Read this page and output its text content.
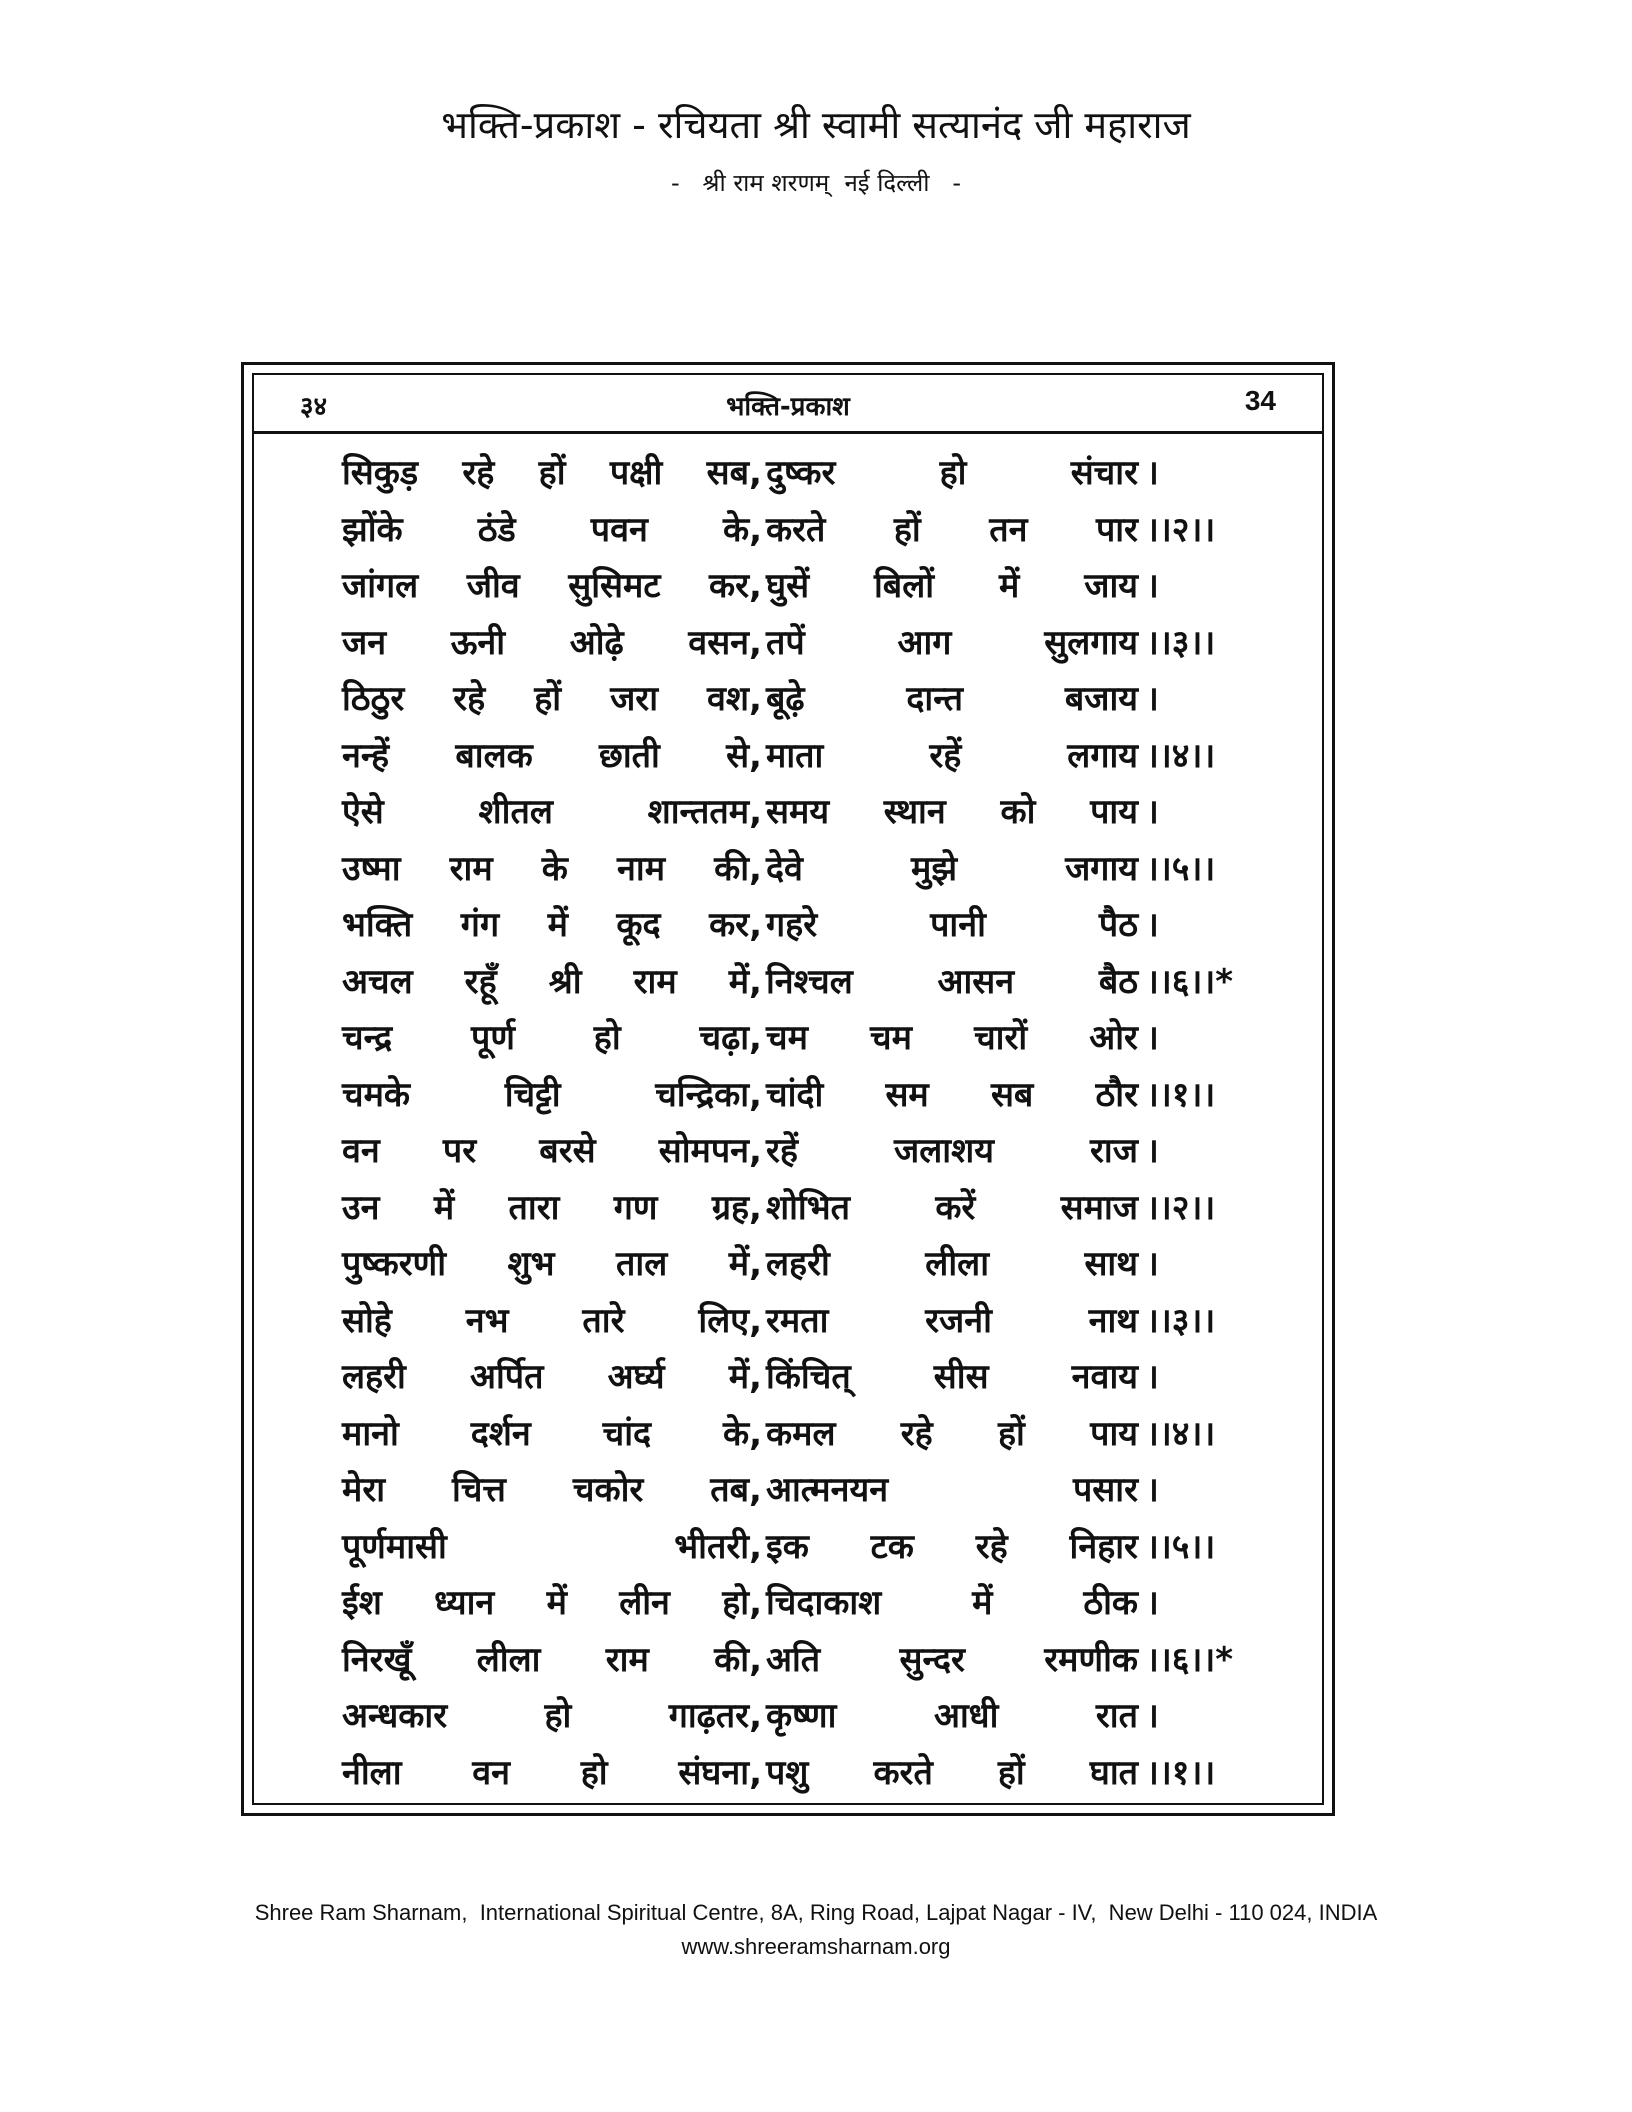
भक्ति-प्रकाश - रचियता श्री स्वामी सत्यानंद जी महाराज
-   श्री राम शरणम्  नई दिल्ली   -
३४	भक्ति-प्रकाश	34
सिकुड़ रहे हों पक्षी सब, दुष्कर	हो	संचार ।
झोंके ठंडे पवन के, करते हों तन पार ।।२।।
जांगल जीव सुसिमट कर, घुसें बिलों में जाय ।
जन ऊनी ओढ़े वसन, तपें	आग	सुलगाय ।।३।।
ठिठुर रहे हों जरा वश, बूढ़े	दान्त	बजाय ।
नन्हें बालक छाती से, माता	रहें	लगाय ।।४।।
ऐसे	शीतल	शान्ततम, समय स्थान को पाय ।
उष्मा राम के नाम की, देवे	मुझे	जगाय ।।५।।
भक्ति गंग में कूद कर, गहरे	पानी	पैठ ।
अचल रहूँ श्री राम में, निश्चल आसन बैठ ।।६।।*
चन्द्र पूर्ण हो चढ़ा, चम चम चारों ओर ।
चमके	चिट्टी	चन्द्रिका, चांदी सम सब ठौर ।।१।।
वन पर बरसे सोमपन, रहें	जलाशय	राज ।
उन में तारा गण ग्रह, शोभित	करें	समाज ।।२।।
पुष्करणी शुभ ताल में, लहरी	लीला	साथ ।
सोहे नभ तारे लिए, रमता	रजनी	नाथ ।।३।।
लहरी अर्पित अर्घ्य में, किंचित् सीस नवाय ।
मानो दर्शन चांद के, कमल रहे हों पाय ।।४।।
मेरा चित्त चकोर तब, आत्मनयन	पसार ।
पूर्णमासी	भीतरी, इक टक रहे निहार ।।५।।
ईश ध्यान में लीन हो, चिदाकाश	में	ठीक ।
निरखूँ लीला राम की, अति सुन्दर रमणीक ।।६।।*
अन्धकार	हो	गाढ़तर, कृष्णा	आधी	रात ।
नीला वन हो संघना, पशु करते हों घात ।।१।।
Shree Ram Sharnam,  International Spiritual Centre, 8A, Ring Road, Lajpat Nagar - IV,  New Delhi - 110 024, INDIA
www.shreeramsharnam.org
